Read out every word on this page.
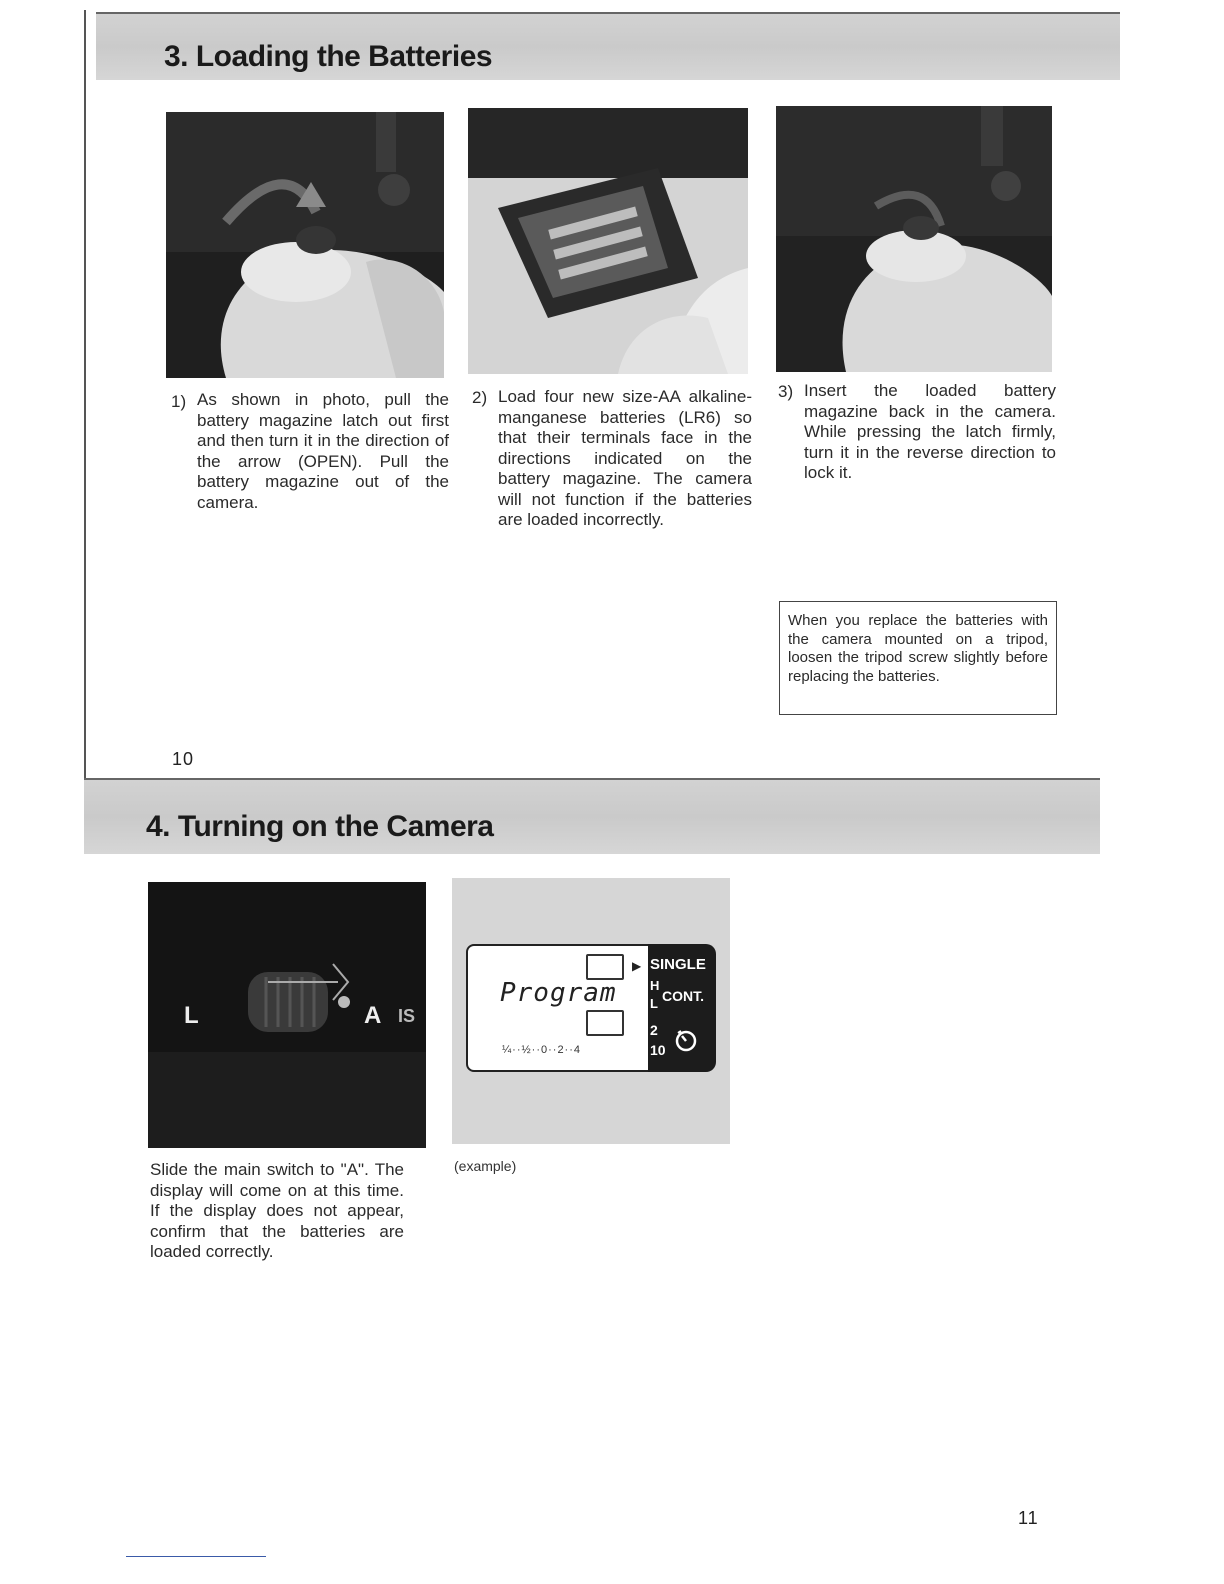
3. Loading the Batteries
1) As shown in photo, pull the battery magazine latch out first and then turn it in the direction of the arrow (OPEN). Pull the battery magazine out of the camera.
2) Load four new size-AA alkaline-manganese batteries (LR6) so that their terminals face in the directions indicated on the battery magazine. The camera will not function if the batteries are loaded incorrectly.
3) Insert the loaded battery magazine back in the camera. While pressing the latch firmly, turn it in the reverse direction to lock it.
When you replace the batteries with the camera mounted on a tripod, loosen the tripod screw slightly before replacing the batteries.
10
4. Turning on the Camera
L	A IS
Program
¼··½··0··2··4
▶ SINGLE
H
CONT.
L
2
10
(example)
Slide the main switch to "A". The display will come on at this time. If the display does not appear, confirm that the batteries are loaded correctly.
11
